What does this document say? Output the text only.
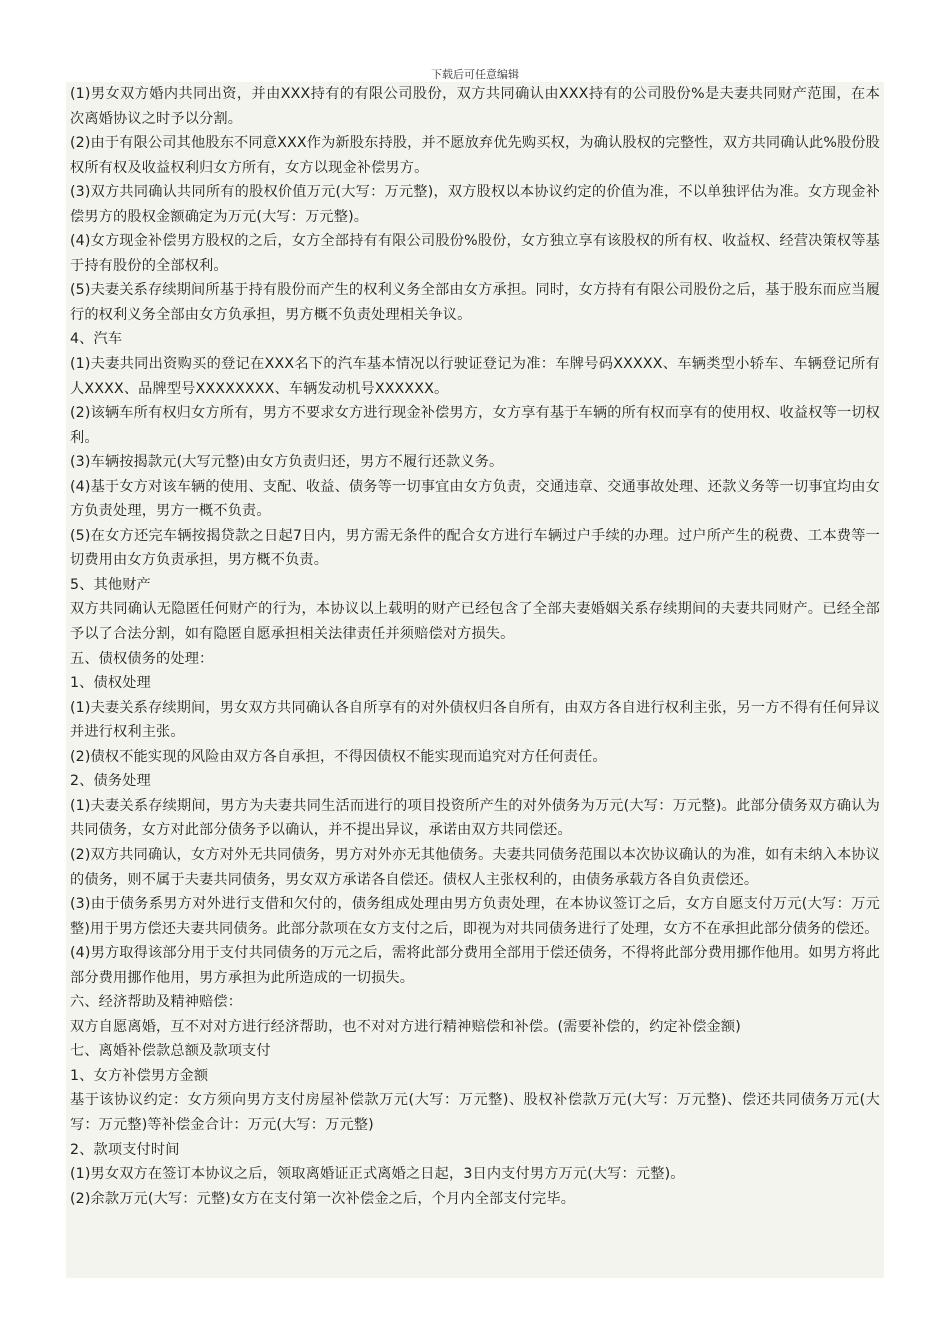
下载后可任意编辑

(1)男女双方婚内共同出资，并由XXX持有的有限公司股份，双方共同确认由XXX持有的公司股份%是夫妻共同财产范围，在本次离婚协议之时予以分割。

(2)由于有限公司其他股东不同意XXX作为新股东持股，并不愿放弃优先购买权，为确认股权的完整性，双方共同确认此%股份股权所有权及收益权利归女方所有，女方以现金补偿男方。

(3)双方共同确认共同所有的股权价值万元(大写：万元整)，双方股权以本协议约定的价值为准，不以单独评估为准。女方现金补偿男方的股权金额确定为万元(大写：万元整)。

(4)女方现金补偿男方股权的之后，女方全部持有有限公司股份%股份，女方独立享有该股权的所有权、收益权、经营决策权等基于持有股份的全部权利。

(5)夫妻关系存续期间所基于持有股份而产生的权利义务全部由女方承担。同时，女方持有有限公司股份之后，基于股东而应当履行的权利义务全部由女方负承担，男方概不负责处理相关争议。

4、汽车

(1)夫妻共同出资购买的登记在XXX名下的汽车基本情况以行驶证登记为准：车牌号码XXXXX、车辆类型小轿车、车辆登记所有人XXXX、品牌型号XXXXXXXX、车辆发动机号XXXXXX。

(2)该辆车所有权归女方所有，男方不要求女方进行现金补偿男方，女方享有基于车辆的所有权而享有的使用权、收益权等一切权利。

(3)车辆按揭款元(大写元整)由女方负责归还，男方不履行还款义务。

(4)基于女方对该车辆的使用、支配、收益、债务等一切事宜由女方负责，交通违章、交通事故处理、还款义务等一切事宜均由女方负责处理，男方一概不负责。

(5)在女方还完车辆按揭贷款之日起7日内，男方需无条件的配合女方进行车辆过户手续的办理。过户所产生的税费、工本费等一切费用由女方负责承担，男方概不负责。

5、其他财产

双方共同确认无隐匿任何财产的行为，本协议以上载明的财产已经包含了全部夫妻婚姻关系存续期间的夫妻共同财产。已经全部予以了合法分割，如有隐匿自愿承担相关法律责任并须赔偿对方损失。

五、债权债务的处理：

1、债权处理

(1)夫妻关系存续期间，男女双方共同确认各自所享有的对外债权归各自所有，由双方各自进行权利主张，另一方不得有任何异议并进行权利主张。

(2)债权不能实现的风险由双方各自承担，不得因债权不能实现而追究对方任何责任。

2、债务处理

(1)夫妻关系存续期间，男方为夫妻共同生活而进行的项目投资所产生的对外债务为万元(大写：万元整)。此部分债务双方确认为共同债务，女方对此部分债务予以确认，并不提出异议，承诺由双方共同偿还。

(2)双方共同确认，女方对外无共同债务，男方对外亦无其他债务。夫妻共同债务范围以本次协议确认的为准，如有未纳入本协议的债务，则不属于夫妻共同债务，男女双方承诺各自偿还。债权人主张权利的，由债务承载方各自负责偿还。

(3)由于债务系男方对外进行支借和欠付的，债务组成处理由男方负责处理，在本协议签订之后，女方自愿支付万元(大写：万元整)用于男方偿还夫妻共同债务。此部分款项在女方支付之后，即视为对共同债务进行了处理，女方不在承担此部分债务的偿还。

(4)男方取得该部分用于支付共同债务的万元之后，需将此部分费用全部用于偿还债务，不得将此部分费用挪作他用。如男方将此部分费用挪作他用，男方承担为此所造成的一切损失。

六、经济帮助及精神赔偿：

双方自愿离婚，互不对对方进行经济帮助，也不对对方进行精神赔偿和补偿。(需要补偿的，约定补偿金额)

七、离婚补偿款总额及款项支付

1、女方补偿男方金额

基于该协议约定：女方须向男方支付房屋补偿款万元(大写：万元整)、股权补偿款万元(大写：万元整)、偿还共同债务万元(大写：万元整)等补偿金合计：万元(大写：万元整)

2、款项支付时间

(1)男女双方在签订本协议之后，领取离婚证正式离婚之日起，3日内支付男方万元(大写：元整)。

(2)余款万元(大写：元整)女方在支付第一次补偿金之后，个月内全部支付完毕。
